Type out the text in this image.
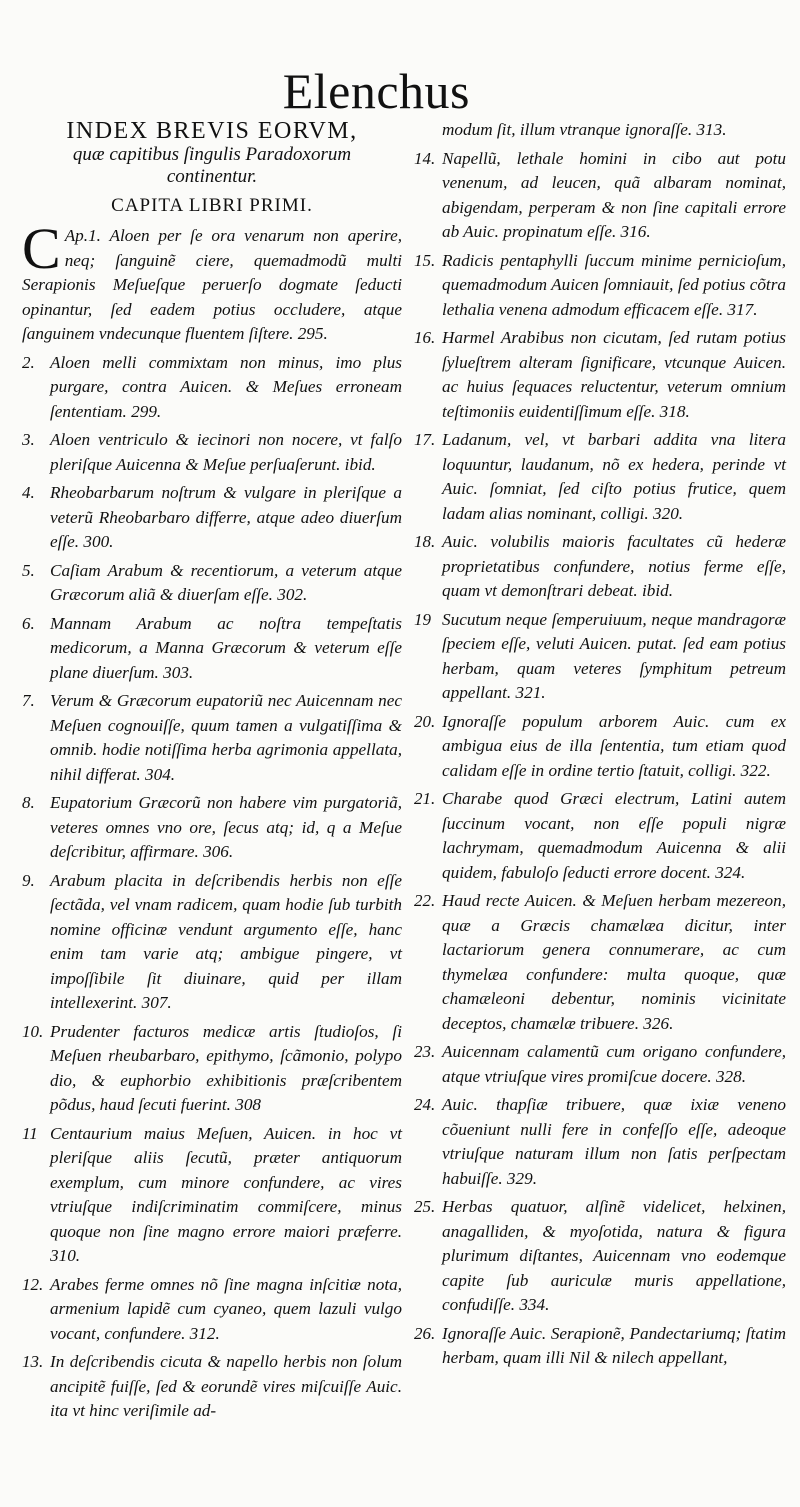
Elenchus
INDEX BREVIS EORVM,
quæ capitibus ſingulis Paradoxorum
continentur.
CAPITA LIBRI PRIMI.
C Ap.1. Aloen per ſe ora venarum non aperire, neq; ſanguinẽ ciere, quemadmodũ multi Serapionis Meſueſque peruerſo dogmate ſeducti opinantur, ſed eadem potius occludere, atque ſanguinem vndecunque fluentem ſiſtere. 295.
2. Aloen melli commixtam non minus, imo plus purgare, contra Auicen. & Meſues erroneam ſententiam. 299.
3. Aloen ventriculo & iecinori non nocere, vt falſo pleriſque Auicenna & Meſue perſuaſerunt. ibid.
4. Rheobarbarum noſtrum & vulgare in pleriſque a veterũ Rheobarbaro differre, atque adeo diuerſum eſſe. 300.
5. Caſiam Arabum & recentiorum, a veterum atque Græcorum aliã & diuerſam eſſe. 302.
6. Mannam Arabum ac noſtra tempeſtatis medicorum, a Manna Græcorum & veterum eſſe plane diuerſum. 303.
7. Verum & Græcorum eupatoriũ nec Auicennam nec Meſuen cognouiſſe, quum tamen a vulgatiſſima & omnib. hodie notiſſima herba agrimonia appellata, nihil differat. 304.
8. Eupatorium Græcorũ non habere vim purgatoriã, veteres omnes vno ore, ſecus atq; id, q a Meſue deſcribitur, affirmare. 306.
9. Arabum placita in deſcribendis herbis non eſſe ſectãda, vel vnam radicem, quam hodie ſub turbith nomine officinæ vendunt argumento eſſe, hanc enim tam varie atq; ambigue pingere, vt impoſſibile ſit diuinare, quid per illam intellexerint. 307.
10. Prudenter facturos medicæ artis ſtudioſos, ſi Meſuen rheubarbaro, epithymo, ſcãmonio, polypo dio, & euphorbio exhibitionis præſcribentem põdus, haud ſecuti fuerint. 308
11 Centaurium maius Meſuen, Auicen. in hoc vt pleriſque aliis ſecutũ, præter antiquorum exemplum, cum minore confundere, ac vires vtriuſque indiſcriminatim commiſcere, minus quoque non ſine magno errore maiori præferre. 310.
12. Arabes ferme omnes nõ ſine magna inſcitiæ nota, armenium lapidẽ cum cyaneo, quem lazuli vulgo vocant, confundere. 312.
13. In deſcribendis cicuta & napello herbis non ſolum ancipitẽ fuiſſe, ſed & eorundẽ vires miſcuiſſe Auic. ita vt hinc veriſimile ad-
modum ſit, illum vtranque ignoraſſe. 313.
14. Napellũ, lethale homini in cibo aut potu venenum, ad leucen, quã albaram nominat, abigendam, perperam & non ſine capitali errore ab Auic. propinatum eſſe. 316.
15. Radicis pentaphylli ſuccum minime pernicioſum, quemadmodum Auicen ſomniauit, ſed potius cõtra lethalia venena admodum efficacem eſſe. 317.
16. Harmel Arabibus non cicutam, ſed rutam potius ſylueſtrem alteram ſignificare, vtcunque Auicen. ac huius ſequaces reluctentur, veterum omnium teſtimoniis euidentiſſimum eſſe. 318.
17. Ladanum, vel, vt barbari addita vna litera loquuntur, laudanum, nõ ex hedera, perinde vt Auic. ſomniat, ſed ciſto potius frutice, quem ladam alias nominant, colligi. 320.
18. Auic. volubilis maioris facultates cũ hederæ proprietatibus confundere, notius ferme eſſe, quam vt demonſtrari debeat. ibid.
19 Sucutum neque ſemperuiuum, neque mandragoræ ſpeciem eſſe, veluti Auicen. putat. ſed eam potius herbam, quam veteres ſymphitum petreum appellant. 321.
20. Ignoraſſe populum arborem Auic. cum ex ambigua eius de illa ſententia, tum etiam quod calidam eſſe in ordine tertio ſtatuit, colligi. 322.
21. Charabe quod Græci electrum, Latini autem ſuccinum vocant, non eſſe populi nigræ lachrymam, quemadmodum Auicenna & alii quidem, fabuloſo ſeducti errore docent. 324.
22. Haud recte Auicen. & Meſuen herbam mezereon, quæ a Græcis chamælæa dicitur, inter lactariorum genera connumerare, ac cum thymelæa confundere: multa quoque, quæ chamæleoni debentur, nominis vicinitate deceptos, chamælæ tribuere. 326.
23. Auicennam calamentũ cum origano confundere, atque vtriuſque vires promiſcue docere. 328.
24. Auic. thapſiæ tribuere, quæ ixiæ veneno cõueniunt nulli fere in confeſſo eſſe, adeoque vtriuſque naturam illum non ſatis perſpectam habuiſſe. 329.
25. Herbas quatuor, alſinẽ videlicet, helxinen, anagalliden, & myoſotida, natura & figura plurimum diſtantes, Auicennam vno eodemque capite ſub auriculæ muris appellatione, confudiſſe. 334.
26. Ignoraſſe Auic. Serapionẽ, Pandectariumq; ſtatim herbam, quam illi Nil & nilech appellant,
